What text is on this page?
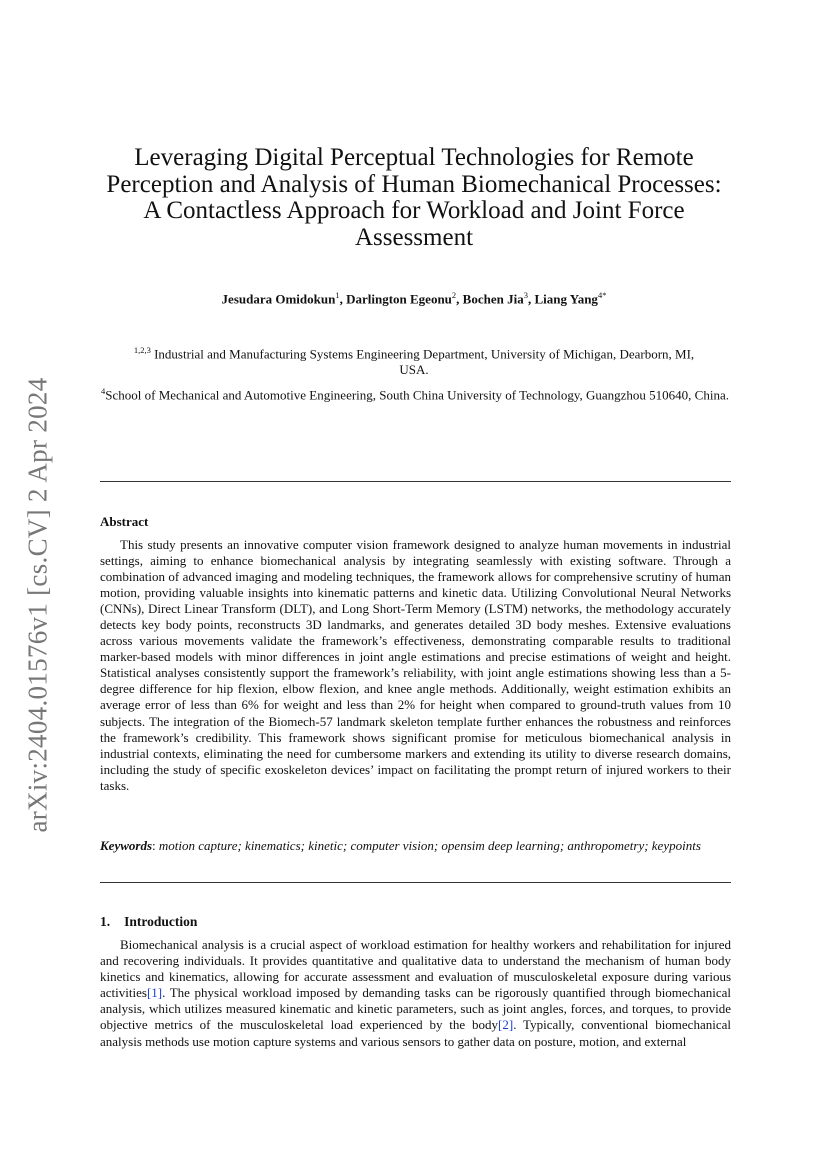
arXiv:2404.01576v1 [cs.CV] 2 Apr 2024
Leveraging Digital Perceptual Technologies for Remote Perception and Analysis of Human Biomechanical Processes: A Contactless Approach for Workload and Joint Force Assessment
Jesudara Omidokun$^1$, Darlington Egeonu$^2$, Bochen Jia$^3$, Liang Yang$^{4*}$
$^{1,2,3}$ Industrial and Manufacturing Systems Engineering Department, University of Michigan, Dearborn, MI, USA.
$^4$School of Mechanical and Automotive Engineering, South China University of Technology, Guangzhou 510640, China.
Abstract

This study presents an innovative computer vision framework designed to analyze human movements in industrial settings, aiming to enhance biomechanical analysis by integrating seamlessly with existing software. Through a combination of advanced imaging and modeling techniques, the framework allows for comprehensive scrutiny of human motion, providing valuable insights into kinematic patterns and kinetic data. Utilizing Convolutional Neural Networks (CNNs), Direct Linear Transform (DLT), and Long Short-Term Memory (LSTM) networks, the methodology accurately detects key body points, reconstructs 3D landmarks, and generates detailed 3D body meshes. Extensive evaluations across various movements validate the framework’s effectiveness, demonstrating comparable results to traditional marker-based models with minor differences in joint angle estimations and precise estimations of weight and height. Statistical analyses consistently support the framework’s reliability, with joint angle estimations showing less than a 5-degree difference for hip flexion, elbow flexion, and knee angle methods. Additionally, weight estimation exhibits an average error of less than 6% for weight and less than 2% for height when compared to ground-truth values from 10 subjects. The integration of the Biomech-57 landmark skeleton template further enhances the robustness and reinforces the framework’s credibility. This framework shows significant promise for meticulous biomechanical analysis in industrial contexts, eliminating the need for cumbersome markers and extending its utility to diverse research domains, including the study of specific exoskeleton devices’ impact on facilitating the prompt return of injured workers to their tasks.

Keywords: motion capture; kinematics; kinetic; computer vision; opensim deep learning; anthropometry; keypoints

1. Introduction

Biomechanical analysis is a crucial aspect of workload estimation for healthy workers and rehabilitation for injured and recovering individuals. It provides quantitative and qualitative data to understand the mechanism of human body kinetics and kinematics, allowing for accurate assessment and evaluation of musculoskeletal exposure during various activities[1]. The physical workload imposed by demanding tasks can be rigorously quantified through biomechanical analysis, which utilizes measured kinematic and kinetic parameters, such as joint angles, forces, and torques, to provide objective metrics of the musculoskeletal load experienced by the body[2]. Typically, conventional biomechanical analysis methods use motion capture systems and various sensors to gather data on posture, motion, and external
